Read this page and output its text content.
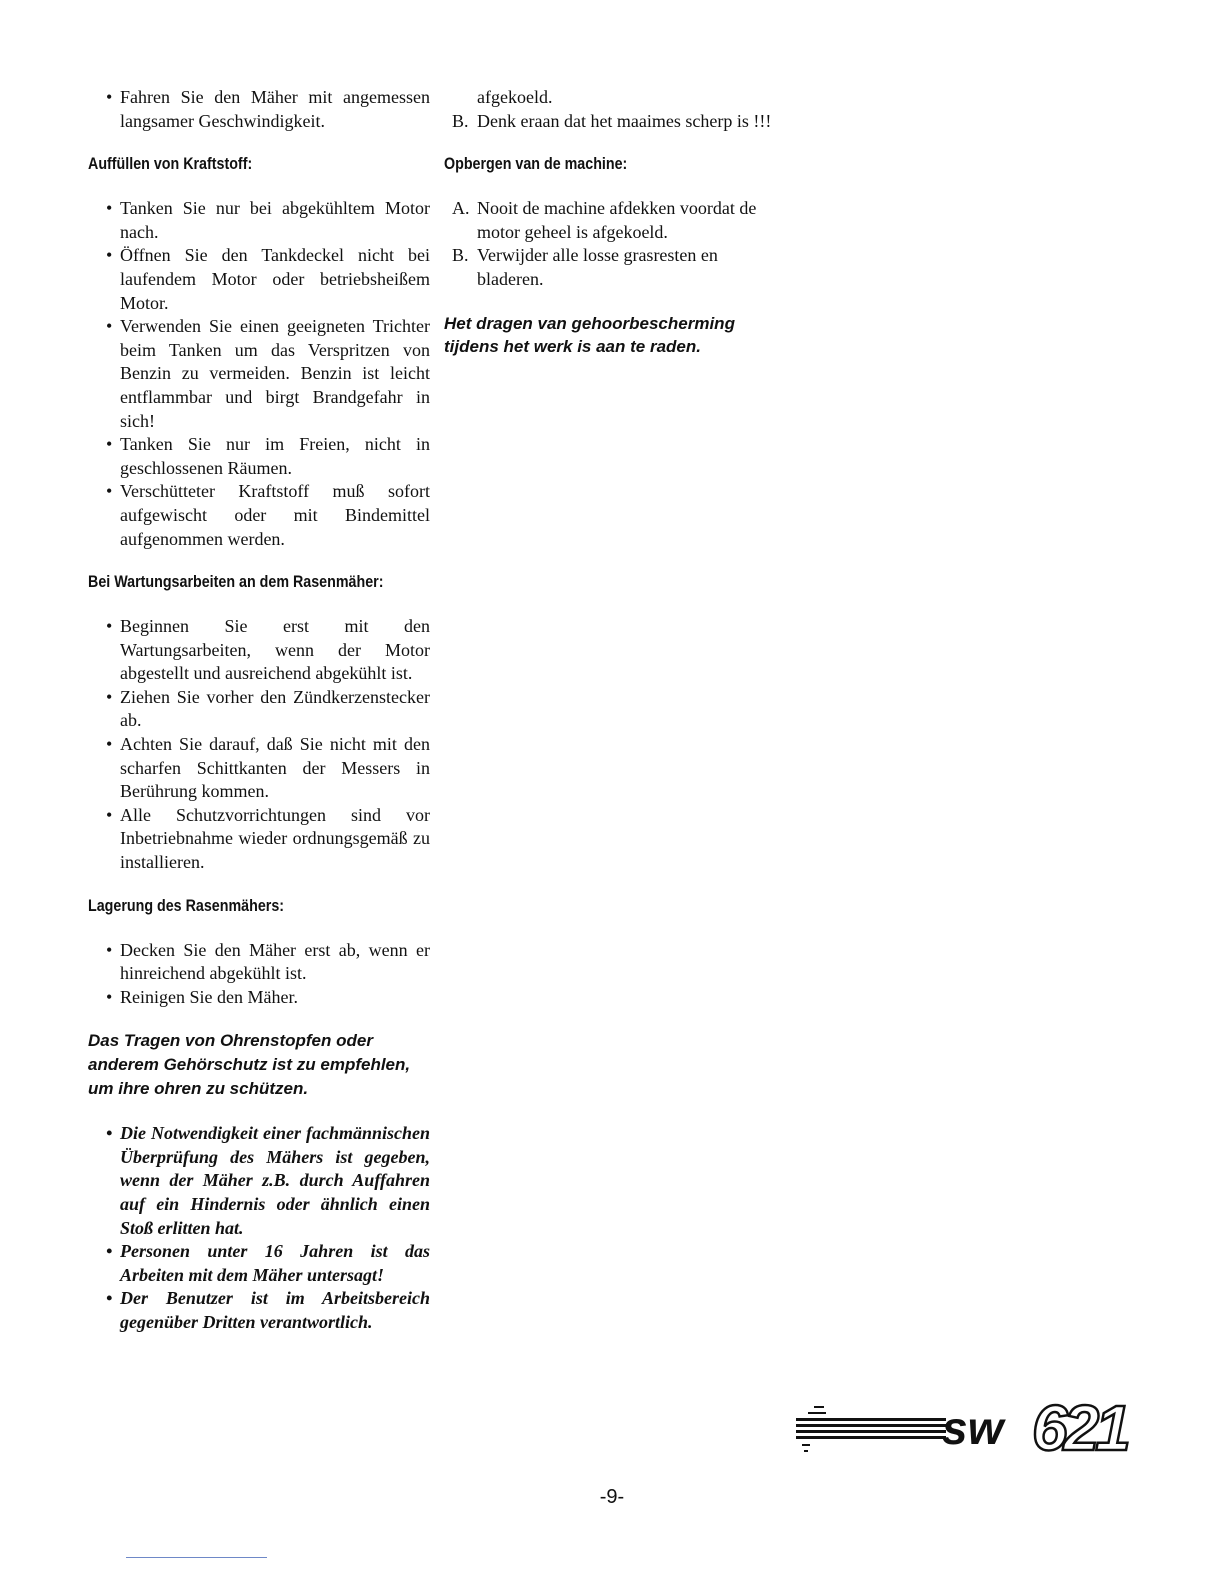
• Fahren Sie den Mäher mit angemessen langsamer Geschwindigkeit.
Auffüllen von Kraftstoff:
• Tanken Sie nur bei abgekühltem Motor nach.
• Öffnen Sie den Tankdeckel nicht bei laufendem Motor oder betriebsheißem Motor.
• Verwenden Sie einen geeigneten Trichter beim Tanken um das Verspritzen von Benzin zu vermeiden. Benzin ist leicht entflammbar und birgt Brandgefahr in sich!
• Tanken Sie nur im Freien, nicht in geschlossenen Räumen.
• Verschütteter Kraftstoff muß sofort aufgewischt oder mit Bindemittel aufgenommen werden.
Bei Wartungsarbeiten an dem Rasenmäher:
• Beginnen Sie erst mit den Wartungsarbeiten, wenn der Motor abgestellt und ausreichend abgekühlt ist.
• Ziehen Sie vorher den Zündkerzenstecker ab.
• Achten Sie darauf, daß Sie nicht mit den scharfen Schittkanten der Messers in Berührung kommen.
• Alle Schutzvorrichtungen sind vor Inbetriebnahme wieder ordnungsgemäß zu installieren.
Lagerung des Rasenmähers:
• Decken Sie den Mäher erst ab, wenn er hinreichend abgekühlt ist.
• Reinigen Sie den Mäher.

Das Tragen von Ohrenstopfen oder anderem Gehörschutz ist zu empfehlen, um ihre ohren zu schützen.

• Die Notwendigkeit einer fachmännischen Überprüfung des Mähers ist gegeben, wenn der Mäher z.B. durch Auffahren auf ein Hindernis oder ähnlich einen Stoß erlitten hat.
• Personen unter 16 Jahren ist das Arbeiten mit dem Mäher untersagt!
• Der Benutzer ist im Arbeitsbereich gegenüber Dritten verantwortlich.
afgekoeld.
B. Denk eraan dat het maaimes scherp is !!!
Opbergen van de machine:
A. Nooit de machine afdekken voordat de motor geheel is afgekoeld.
B. Verwijder alle losse grasresten en bladeren.

Het dragen van gehoorbescherming tijdens het werk is aan te raden.

sw 621
-9-
